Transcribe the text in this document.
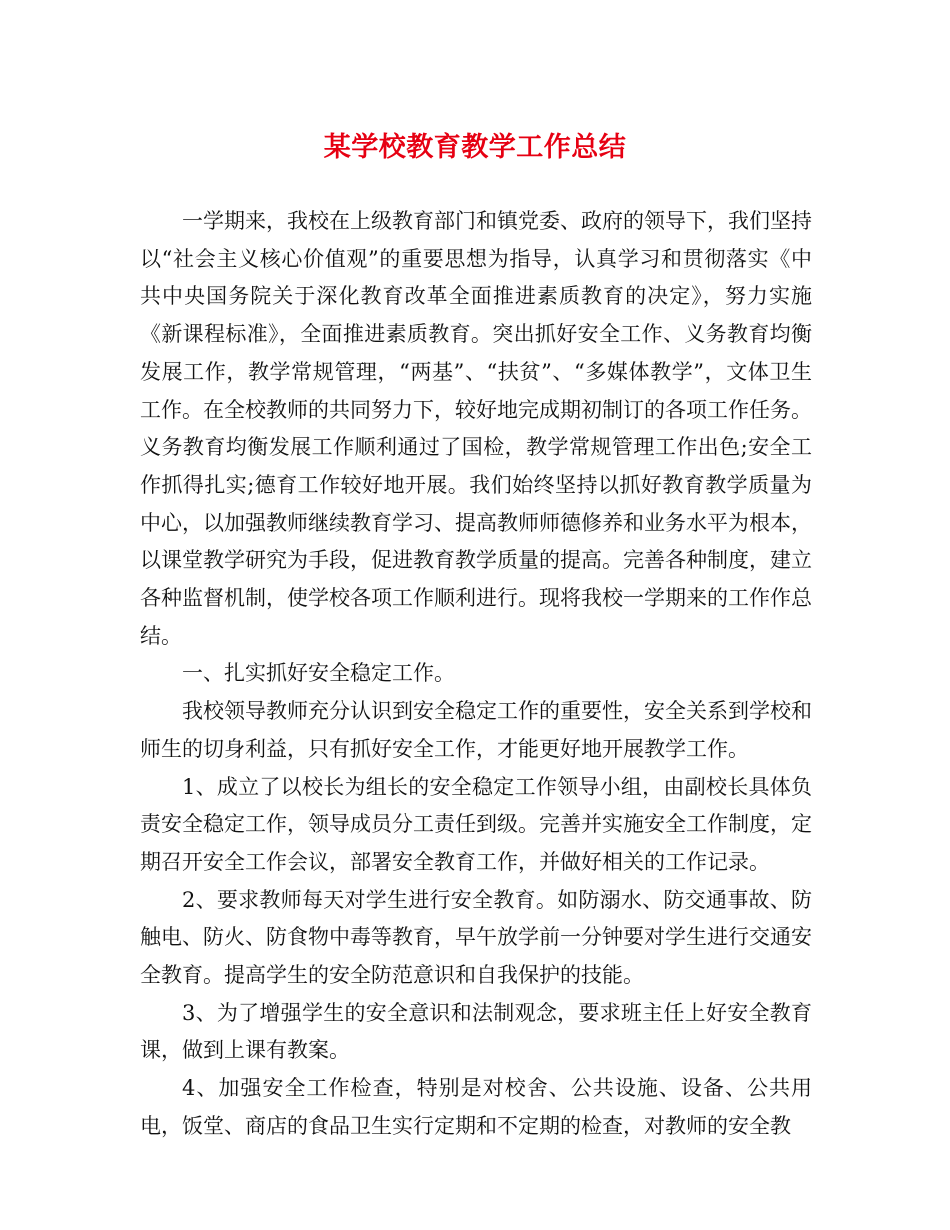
某学校教育教学工作总结

一学期来，我校在上级教育部门和镇党委、政府的领导下，我们坚持以“社会主义核心价值观”的重要思想为指导，认真学习和贯彻落实《中共中央国务院关于深化教育改革全面推进素质教育的决定》，努力实施《新课程标准》，全面推进素质教育。突出抓好安全工作、义务教育均衡发展工作，教学常规管理，“两基”、“扶贫”、“多媒体教学”，文体卫生工作。在全校教师的共同努力下，较好地完成期初制订的各项工作任务。义务教育均衡发展工作顺利通过了国检，教学常规管理工作出色;安全工作抓得扎实;德育工作较好地开展。我们始终坚持以抓好教育教学质量为中心，以加强教师继续教育学习、提高教师师德修养和业务水平为根本，以课堂教学研究为手段，促进教育教学质量的提高。完善各种制度，建立各种监督机制，使学校各项工作顺利进行。现将我校一学期来的工作作总结。

一、扎实抓好安全稳定工作。

我校领导教师充分认识到安全稳定工作的重要性，安全关系到学校和师生的切身利益，只有抓好安全工作，才能更好地开展教学工作。

1、成立了以校长为组长的安全稳定工作领导小组，由副校长具体负责安全稳定工作，领导成员分工责任到级。完善并实施安全工作制度，定期召开安全工作会议，部署安全教育工作，并做好相关的工作记录。

2、要求教师每天对学生进行安全教育。如防溺水、防交通事故、防触电、防火、防食物中毒等教育，早午放学前一分钟要对学生进行交通安全教育。提高学生的安全防范意识和自我保护的技能。

3、为了增强学生的安全意识和法制观念，要求班主任上好安全教育课，做到上课有教案。

4、加强安全工作检查，特别是对校舍、公共设施、设备、公共用电，饭堂、商店的食品卫生实行定期和不定期的检查，对教师的安全教
